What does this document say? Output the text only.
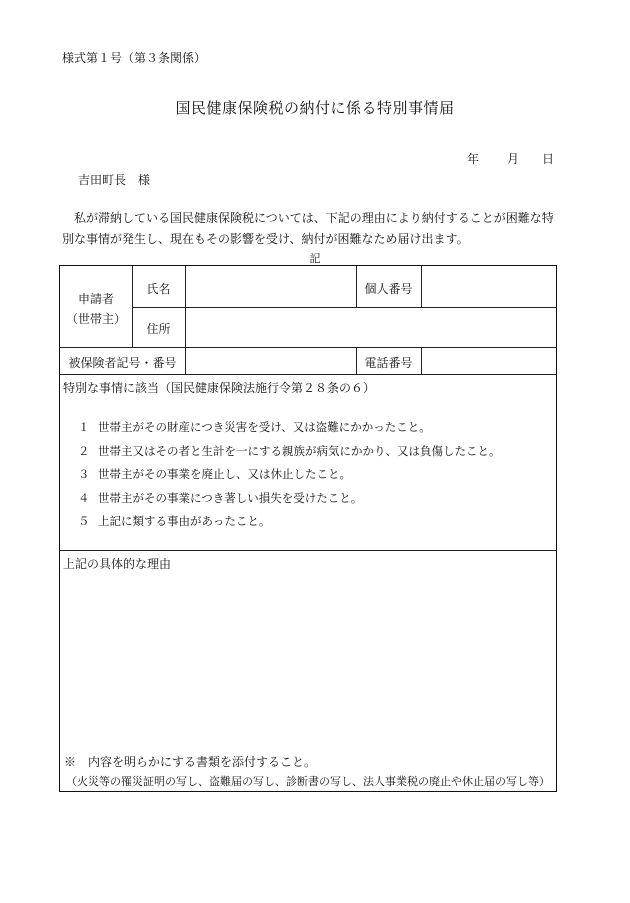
様式第１号（第３条関係）
国民健康保険税の納付に係る特別事情届
年 月 日
吉田町長　様
私が滞納している国民健康保険税については、下記の理由により納付することが困難な特
別な事情が発生し、現在もその影響を受け、納付が困難なため届け出ます。
記
申請者
（世帯主）
氏名	個人番号
住所
被保険者記号・番号	電話番号
特別な事情に該当（国民健康保険法施行令第２８条の６）
上記の具体的な理由
１ 世帯主がその財産につき災害を受け、又は盗難にかかったこと。
２ 世帯主又はその者と生計を一にする親族が病気にかかり、又は負傷したこと。
３ 世帯主がその事業を廃止し、又は休止したこと。
４ 世帯主がその事業につき著しい損失を受けたこと。
５ 上記に類する事由があったこと。
※　内容を明らかにする書類を添付すること。
（火災等の罹災証明の写し、盗難届の写し、診断書の写し、法人事業税の廃止や休止届の写し等）
